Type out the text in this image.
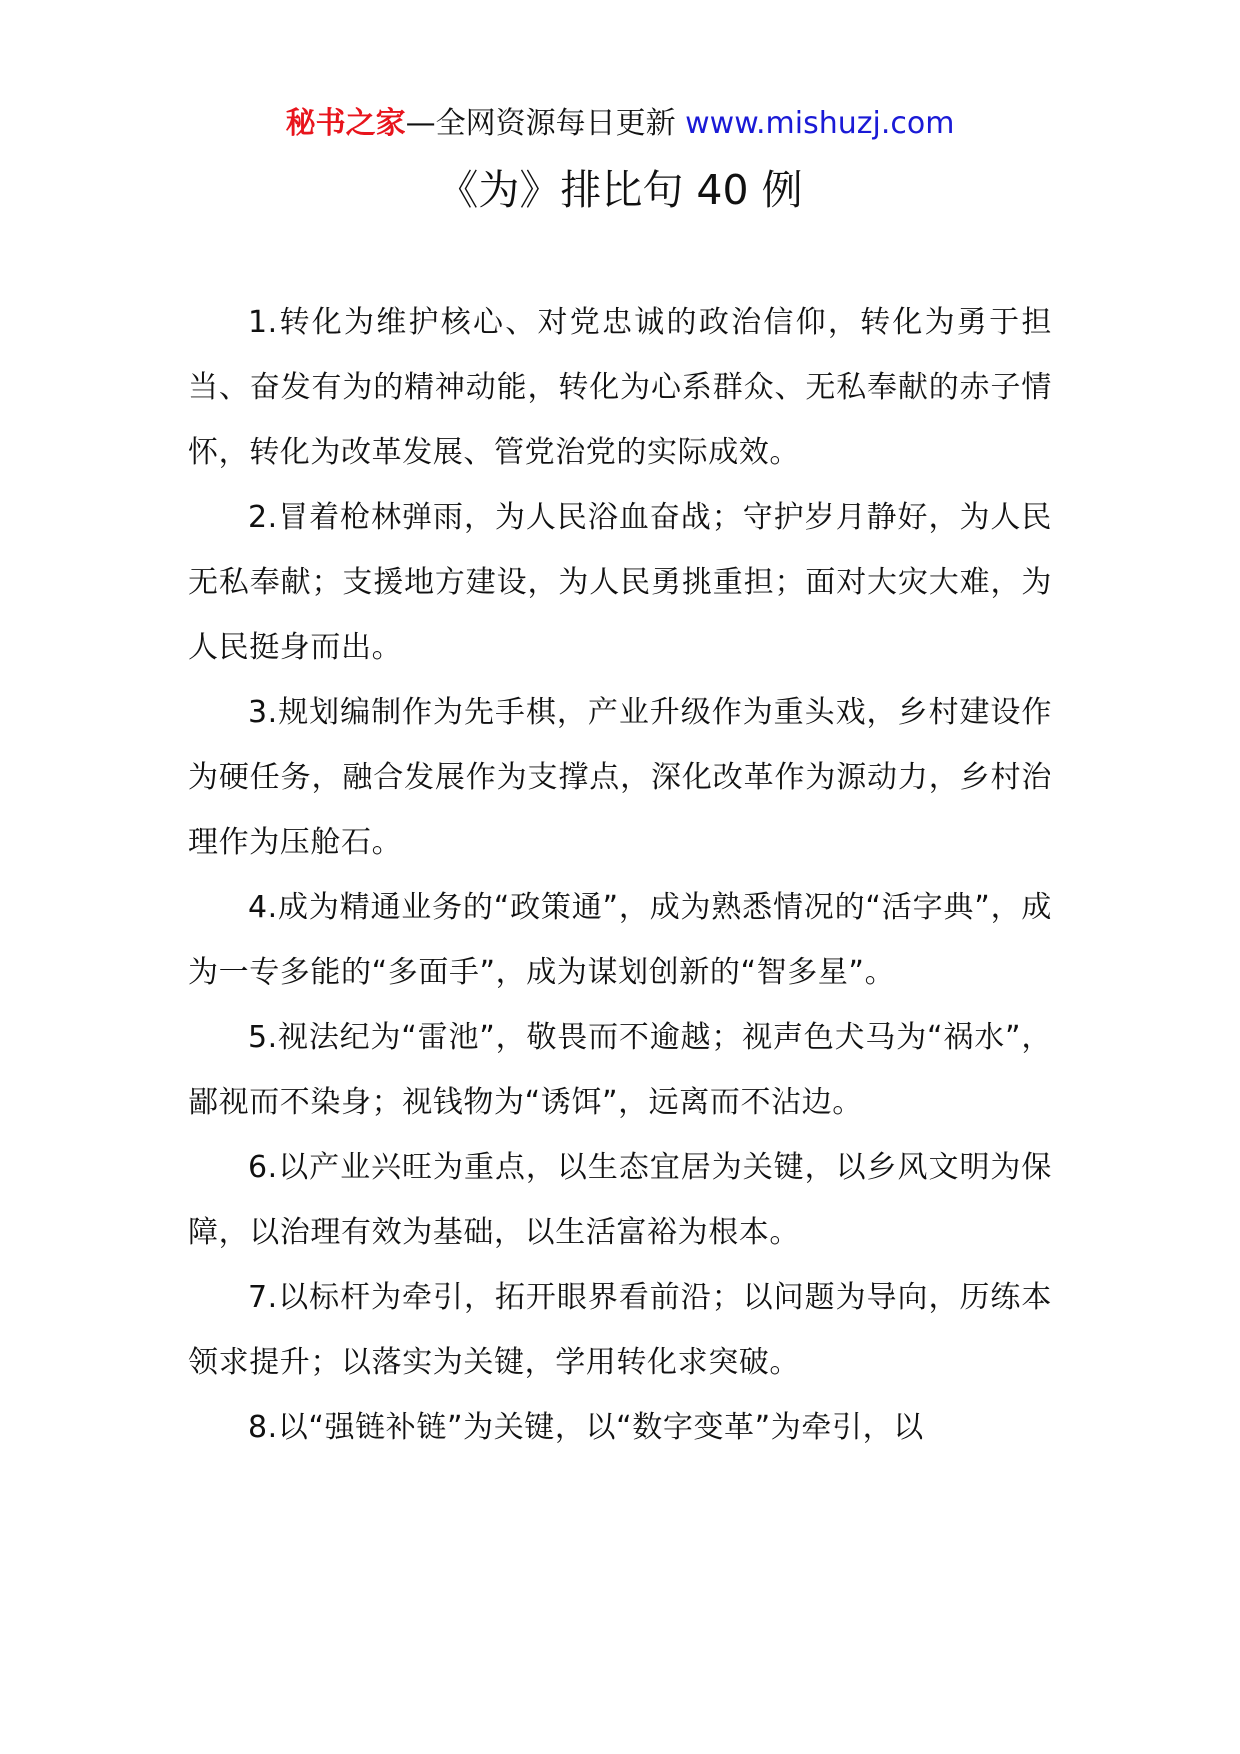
秘书之家—全网资源每日更新 www.mishuzj.com
《为》排比句 40 例

1.转化为维护核心、对党忠诚的政治信仰，转化为勇于担当、奋发有为的精神动能，转化为心系群众、无私奉献的赤子情怀，转化为改革发展、管党治党的实际成效。

2.冒着枪林弹雨，为人民浴血奋战；守护岁月静好，为人民无私奉献；支援地方建设，为人民勇挑重担；面对大灾大难，为人民挺身而出。

3.规划编制作为先手棋，产业升级作为重头戏，乡村建设作为硬任务，融合发展作为支撑点，深化改革作为源动力，乡村治理作为压舱石。

4.成为精通业务的“政策通”，成为熟悉情况的“活字典”，成为一专多能的“多面手”，成为谋划创新的“智多星”。

5.视法纪为“雷池”，敬畏而不逾越；视声色犬马为“祸水”，鄙视而不染身；视钱物为“诱饵”，远离而不沾边。

6.以产业兴旺为重点，以生态宜居为关键，以乡风文明为保障，以治理有效为基础，以生活富裕为根本。

7.以标杆为牵引，拓开眼界看前沿；以问题为导向，历练本领求提升；以落实为关键，学用转化求突破。

8.以“强链补链”为关键，以“数字变革”为牵引，以
